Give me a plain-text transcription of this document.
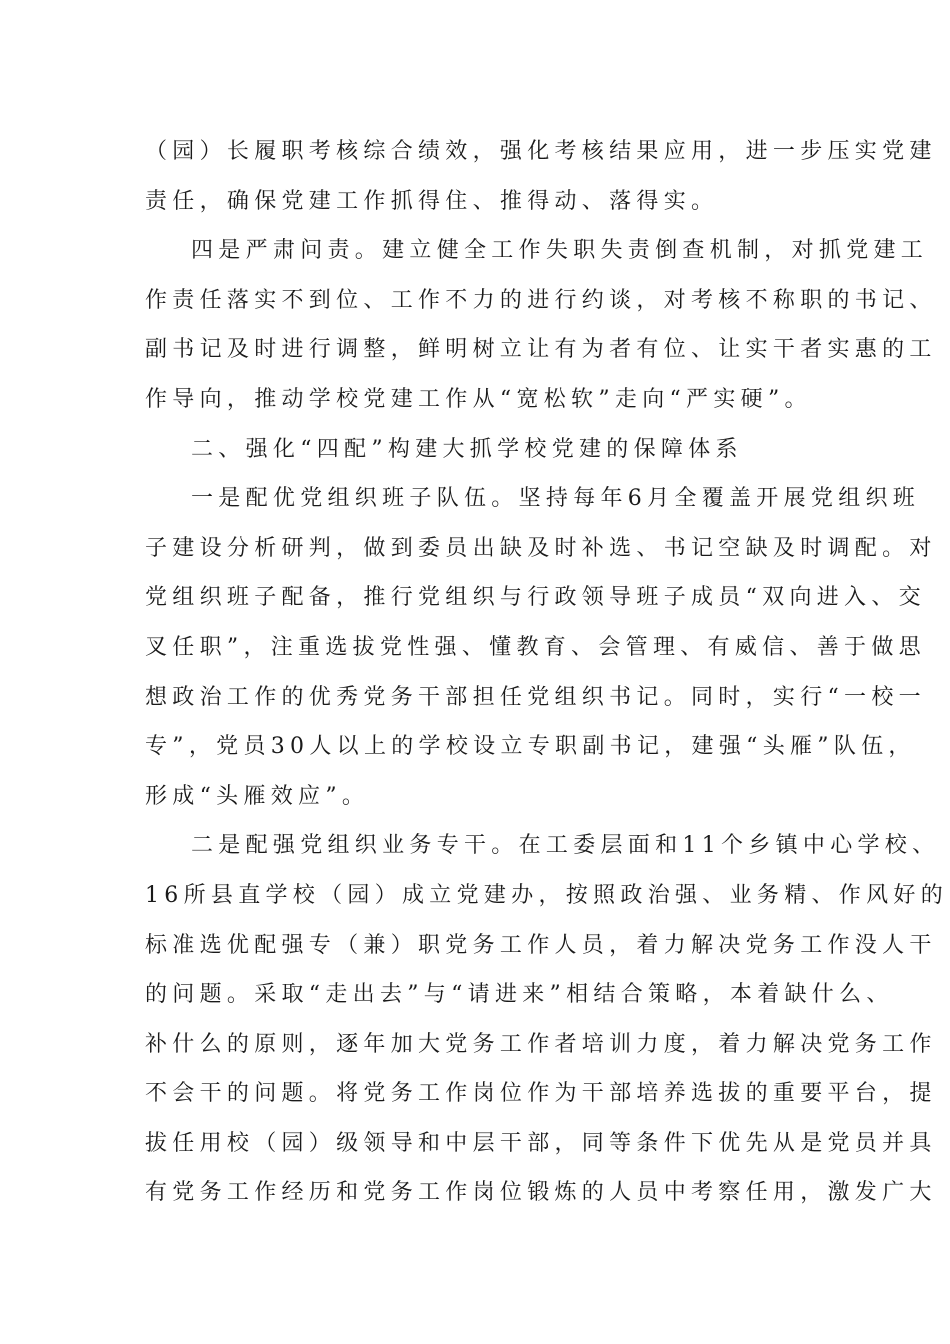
（园）长履职考核综合绩效，强化考核结果应用，进一步压实党建
责任，确保党建工作抓得住、推得动、落得实。
四是严肃问责。建立健全工作失职失责倒查机制，对抓党建工
作责任落实不到位、工作不力的进行约谈，对考核不称职的书记、
副书记及时进行调整，鲜明树立让有为者有位、让实干者实惠的工
作导向，推动学校党建工作从“宽松软”走向“严实硬”。
二、强化“四配”构建大抓学校党建的保障体系
一是配优党组织班子队伍。坚持每年6月全覆盖开展党组织班
子建设分析研判，做到委员出缺及时补选、书记空缺及时调配。对
党组织班子配备，推行党组织与行政领导班子成员“双向进入、交
叉任职”，注重选拔党性强、懂教育、会管理、有威信、善于做思
想政治工作的优秀党务干部担任党组织书记。同时，实行“一校一
专”，党员30人以上的学校设立专职副书记，建强“头雁”队伍，
形成“头雁效应”。
二是配强党组织业务专干。在工委层面和11个乡镇中心学校、
16所县直学校（园）成立党建办，按照政治强、业务精、作风好的
标准选优配强专（兼）职党务工作人员，着力解决党务工作没人干
的问题。采取“走出去”与“请进来”相结合策略，本着缺什么、
补什么的原则，逐年加大党务工作者培训力度，着力解决党务工作
不会干的问题。将党务工作岗位作为干部培养选拔的重要平台，提
拔任用校（园）级领导和中层干部，同等条件下优先从是党员并具
有党务工作经历和党务工作岗位锻炼的人员中考察任用，激发广大
